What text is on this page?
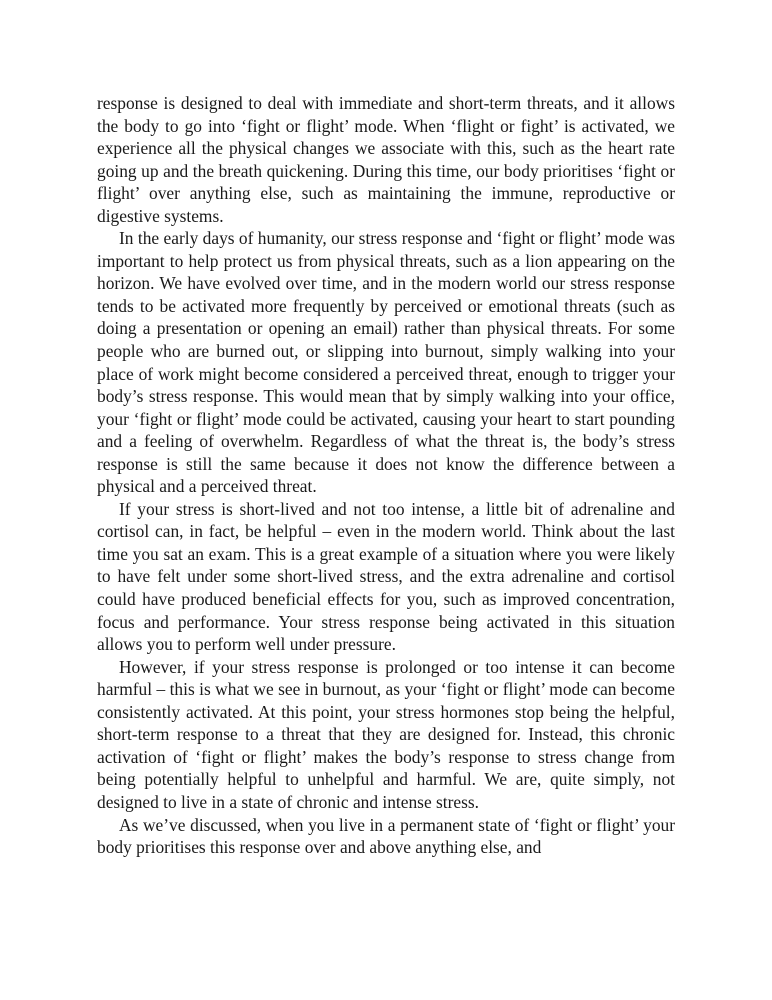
response is designed to deal with immediate and short-term threats, and it allows the body to go into ‘fight or flight’ mode. When ‘flight or fight’ is activated, we experience all the physical changes we associate with this, such as the heart rate going up and the breath quickening. During this time, our body prioritises ‘fight or flight’ over anything else, such as maintaining the immune, reproductive or digestive systems.

In the early days of humanity, our stress response and ‘fight or flight’ mode was important to help protect us from physical threats, such as a lion appearing on the horizon. We have evolved over time, and in the modern world our stress response tends to be activated more frequently by perceived or emotional threats (such as doing a presentation or opening an email) rather than physical threats. For some people who are burned out, or slipping into burnout, simply walking into your place of work might become considered a perceived threat, enough to trigger your body’s stress response. This would mean that by simply walking into your office, your ‘fight or flight’ mode could be activated, causing your heart to start pounding and a feeling of overwhelm. Regardless of what the threat is, the body’s stress response is still the same because it does not know the difference between a physical and a perceived threat.

If your stress is short-lived and not too intense, a little bit of adrenaline and cortisol can, in fact, be helpful – even in the modern world. Think about the last time you sat an exam. This is a great example of a situation where you were likely to have felt under some short-lived stress, and the extra adrenaline and cortisol could have produced beneficial effects for you, such as improved concentration, focus and performance. Your stress response being activated in this situation allows you to perform well under pressure.

However, if your stress response is prolonged or too intense it can become harmful – this is what we see in burnout, as your ‘fight or flight’ mode can become consistently activated. At this point, your stress hormones stop being the helpful, short-term response to a threat that they are designed for. Instead, this chronic activation of ‘fight or flight’ makes the body’s response to stress change from being potentially helpful to unhelpful and harmful. We are, quite simply, not designed to live in a state of chronic and intense stress.

As we’ve discussed, when you live in a permanent state of ‘fight or flight’ your body prioritises this response over and above anything else, and
